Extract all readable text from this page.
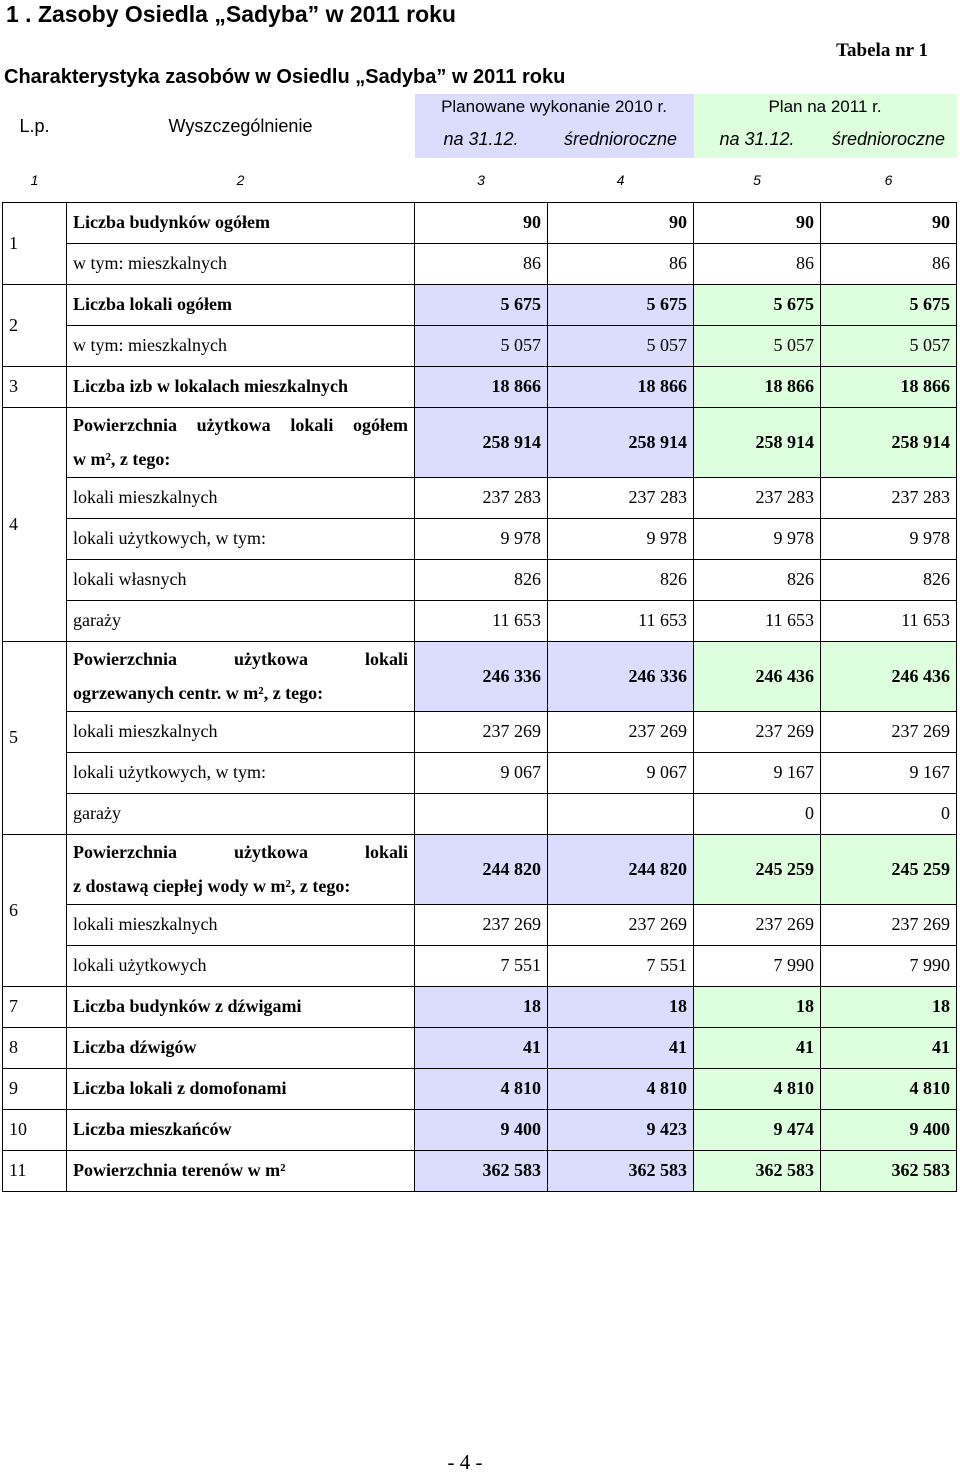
1 . Zasoby Osiedla „Sadyba” w 2011 roku
Tabela nr 1
Charakterystyka zasobów w Osiedlu „Sadyba” w 2011 roku
L.p.	Wyszczególnienie	Planowane wykonanie 2010 r.		Plan na 2011 r.	
		na 31.12.	średnioroczne	na 31.12.	średnioroczne
1	2	3	4	5	6
1	Liczba budynków ogółem	90	90	90	90
	w tym: mieszkalnych	86	86	86	86
2	Liczba lokali ogółem	5 675	5 675	5 675	5 675
	w tym: mieszkalnych	5 057	5 057	5 057	5 057
3	Liczba izb w lokalach mieszkalnych	18 866	18 866	18 866	18 866
4	Powierzchnia użytkowa lokali ogółem
w m², z tego:	258 914	258 914	258 914	258 914
	lokali mieszkalnych	237 283	237 283	237 283	237 283
	lokali użytkowych, w tym:	9 978	9 978	9 978	9 978
	lokali własnych	826	826	826	826
	garaży	11 653	11 653	11 653	11 653
5	Powierzchnia użytkowa lokali
ogrzewanych centr. w m², z tego:	246 336	246 336	246 436	246 436
	lokali mieszkalnych	237 269	237 269	237 269	237 269
	lokali użytkowych, w tym:	9 067	9 067	9 167	9 167
	garaży			0	0
6	Powierzchnia użytkowa lokali
z dostawą ciepłej wody w m², z tego:	244 820	244 820	245 259	245 259
	lokali mieszkalnych	237 269	237 269	237 269	237 269
	lokali użytkowych	7 551	7 551	7 990	7 990
7	Liczba budynków z dźwigami	18	18	18	18
8	Liczba dźwigów	41	41	41	41
9	Liczba lokali z domofonami	4 810	4 810	4 810	4 810
10	Liczba mieszkańców	9 400	9 423	9 474	9 400
11	Powierzchnia terenów w m²	362 583	362 583	362 583	362 583
- 4 -
